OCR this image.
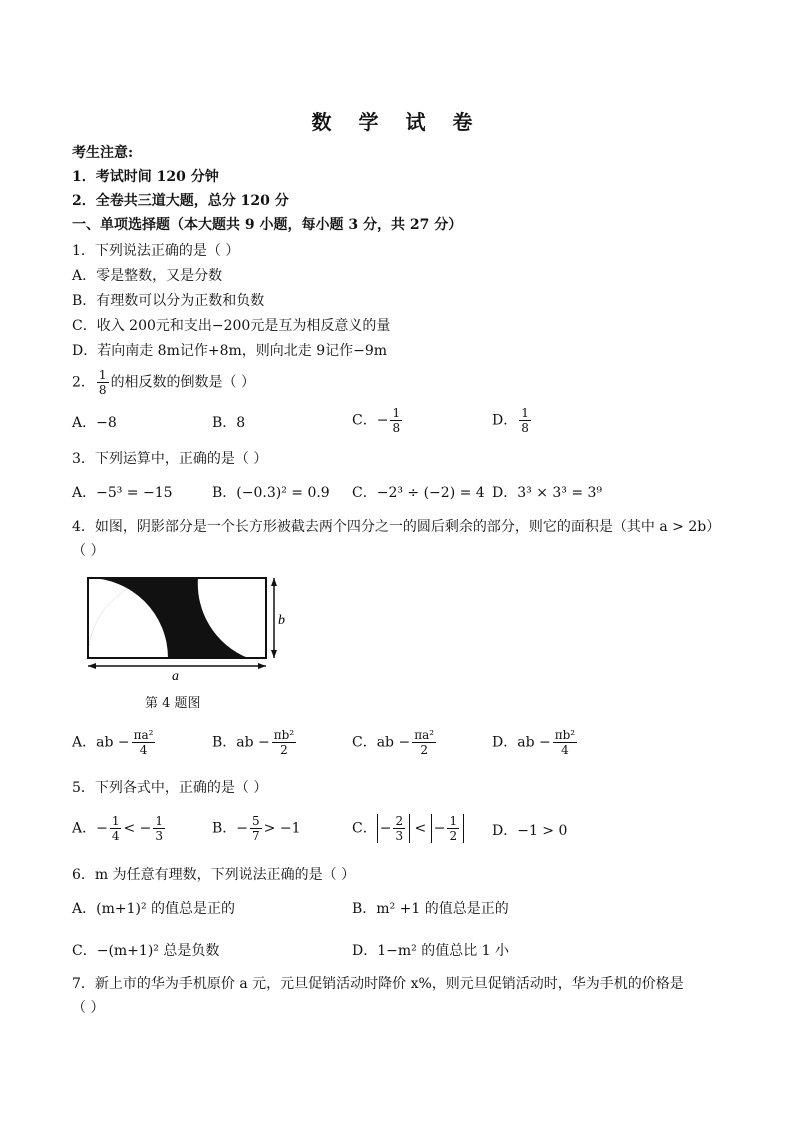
数 学 试 卷
考生注意:
1．考试时间 120 分钟
2．全卷共三道大题，总分 120 分
一、单项选择题（本大题共 9 小题，每小题 3 分，共 27 分）
1．下列说法正确的是（ ）
A．零是整数，又是分数
B．有理数可以分为正数和负数
C．收入 200元和支出−200元是互为相反意义的量
D．若向南走 8m记作+8m，则向北走 9记作−9m
2． $\frac{1}{8}$ 的相反数的倒数是（ ）
A．−8	B．8	C．− $\frac{1}{8}$	D． $\frac{1}{8}$
3．下列运算中，正确的是（ ）
A．−5³ = −15	B．(−0.3)² = 0.9 C．−2³ ÷ (−2) = 4 D．3³ × 3³ = 3⁹
4．如图，阴影部分是一个长方形被截去两个四分之一的圆后剩余的部分，则它的面积是（其中 a > 2b）
（ ）
b
a
第 4 题图
A．ab − $\frac{\text{πa²}}{4}$	B．ab − $\frac{\text{πb²}}{2}$	C．ab − $\frac{\text{πa²}}{2}$	D．ab − $\frac{\text{πb²}}{4}$
5．下列各式中，正确的是（ ）
A．− $\frac{1}{4}$ < − $\frac{1}{3}$	B．− $\frac{5}{7} > -1$	C． − $\frac{2}{3}$ < − $\frac{1}{2}$ D．−1 > 0
6．m 为任意有理数，下列说法正确的是（ ）
A．(m+1)² 的值总是正的	B．m² +1 的值总是正的
C．−(m+1)² 总是负数	D．1−m² 的值总比 1 小
7．新上市的华为手机原价 a 元，元旦促销活动时降价 x%，则元旦促销活动时，华为手机的价格是
（ ）
